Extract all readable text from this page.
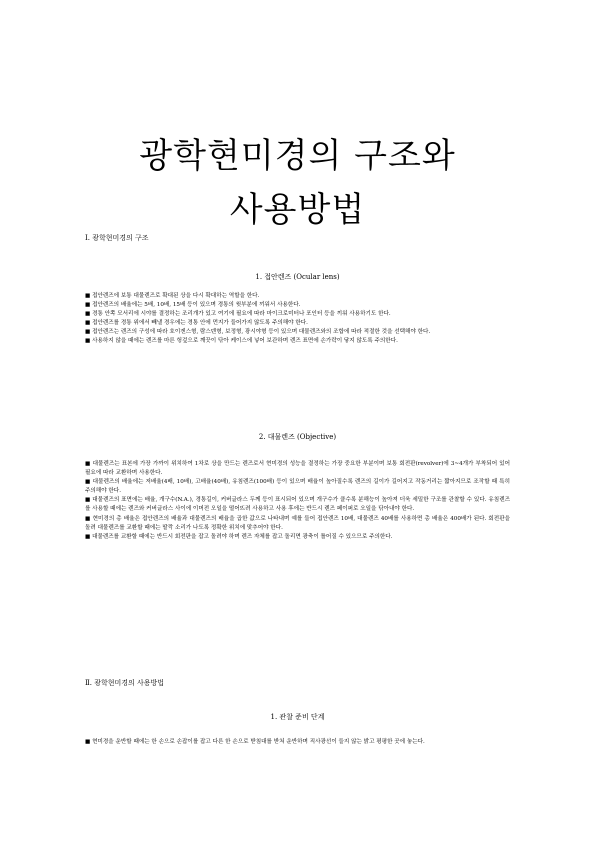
광학현미경의 구조와
사용방법
Ⅰ. 광학현미경의 구조
1. 접안렌즈 (Ocular lens)

■ 접안렌즈에 보통 대물렌즈로 확대된 상을 다시 확대하는 역할을 한다.

■ 접안렌즈의 배율에는 5배, 10배, 15배 등이 있으며 경통의 윗부분에 끼워서 사용한다.

■ 경통 안쪽 모서리에 시야를 결정하는 조리개가 있고 여기에 필요에 따라 마이크로미터나 포인터 등을 끼워 사용하기도 한다.

■ 접안렌즈를 경통 위에서 빼낼 경우에는 경통 안에 먼지가 들어가지 않도록 주의해야 한다.

■ 접안렌즈는 렌즈의 구성에 따라 호이겐스형, 람스덴형, 보정형, 광시야형 등이 있으며 대물렌즈와의 조합에 따라 적절한 것을 선택해야 한다.

■ 사용하지 않을 때에는 렌즈를 마른 헝겊으로 깨끗이 닦아 케이스에 넣어 보관하며 렌즈 표면에 손가락이 닿지 않도록 주의한다.

2. 대물렌즈 (Objective)

■ 대물렌즈는 표본에 가장 가까이 위치하여 1차로 상을 만드는 렌즈로서 현미경의 성능을 결정하는 가장 중요한 부분이며 보통 회전판(revolver)에 3~4개가 부착되어 있어 필요에 따라 교환하며 사용한다.

■ 대물렌즈의 배율에는 저배율(4배, 10배), 고배율(40배), 유침렌즈(100배) 등이 있으며 배율이 높아질수록 렌즈의 길이가 길어지고 작동거리는 짧아지므로 조작할 때 특히 주의해야 한다.

■ 대물렌즈의 표면에는 배율, 개구수(N.A.), 경통길이, 커버글라스 두께 등이 표시되어 있으며 개구수가 클수록 분해능이 높아져 더욱 세밀한 구조를 관찰할 수 있다. 유침렌즈를 사용할 때에는 렌즈와 커버글라스 사이에 이머전 오일을 떨어뜨려 사용하고 사용 후에는 반드시 렌즈 페이퍼로 오일을 닦아내야 한다.

■ 현미경의 총 배율은 접안렌즈의 배율과 대물렌즈의 배율을 곱한 값으로 나타내며 예를 들어 접안렌즈 10배, 대물렌즈 40배를 사용하면 총 배율은 400배가 된다. 회전판을 돌려 대물렌즈를 교환할 때에는 딸깍 소리가 나도록 정확한 위치에 맞추어야 한다.

■ 대물렌즈를 교환할 때에는 반드시 회전판을 잡고 돌려야 하며 렌즈 자체를 잡고 돌리면 광축이 틀어질 수 있으므로 주의한다.

Ⅱ. 광학현미경의 사용방법
1. 관찰 준비 단계

■ 현미경을 운반할 때에는 한 손으로 손잡이를 잡고 다른 한 손으로 받침대를 받쳐 운반하며 직사광선이 들지 않는 밝고 평평한 곳에 놓는다.
